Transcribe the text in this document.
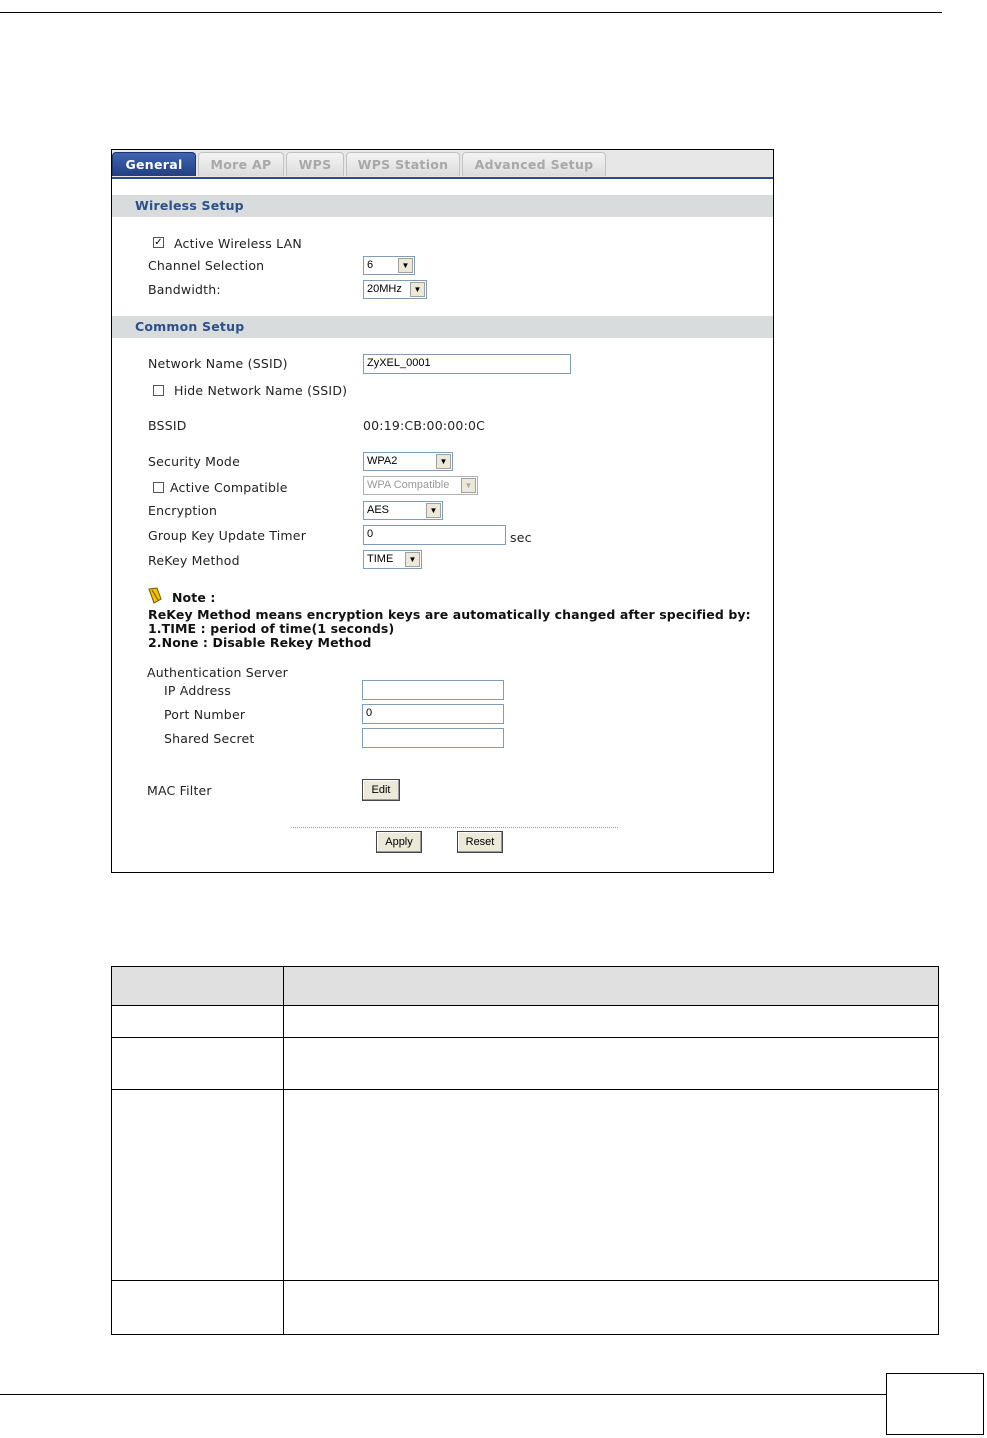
General	More AP	WPS	WPS Station	Advanced Setup
Wireless Setup
✓ Active Wireless LAN
Channel Selection	6	▼
Bandwidth:	20MHz	▼
Common Setup
Network Name (SSID)	ZyXEL_0001
Hide Network Name (SSID)
BSSID	00:19:CB:00:00:0C
Security Mode	WPA2	▼
Active Compatible	WPA Compatible	▼
Encryption	AES	▼
Group Key Update Timer	0	sec
ReKey Method	TIME	▼
Note :
ReKey Method means encryption keys are automatically changed after specified by:
1.TIME : period of time(1 seconds)
2.None : Disable Rekey Method
Authentication Server
IP Address
Port Number	0
Shared Secret
MAC Filter	Edit
Apply	Reset
